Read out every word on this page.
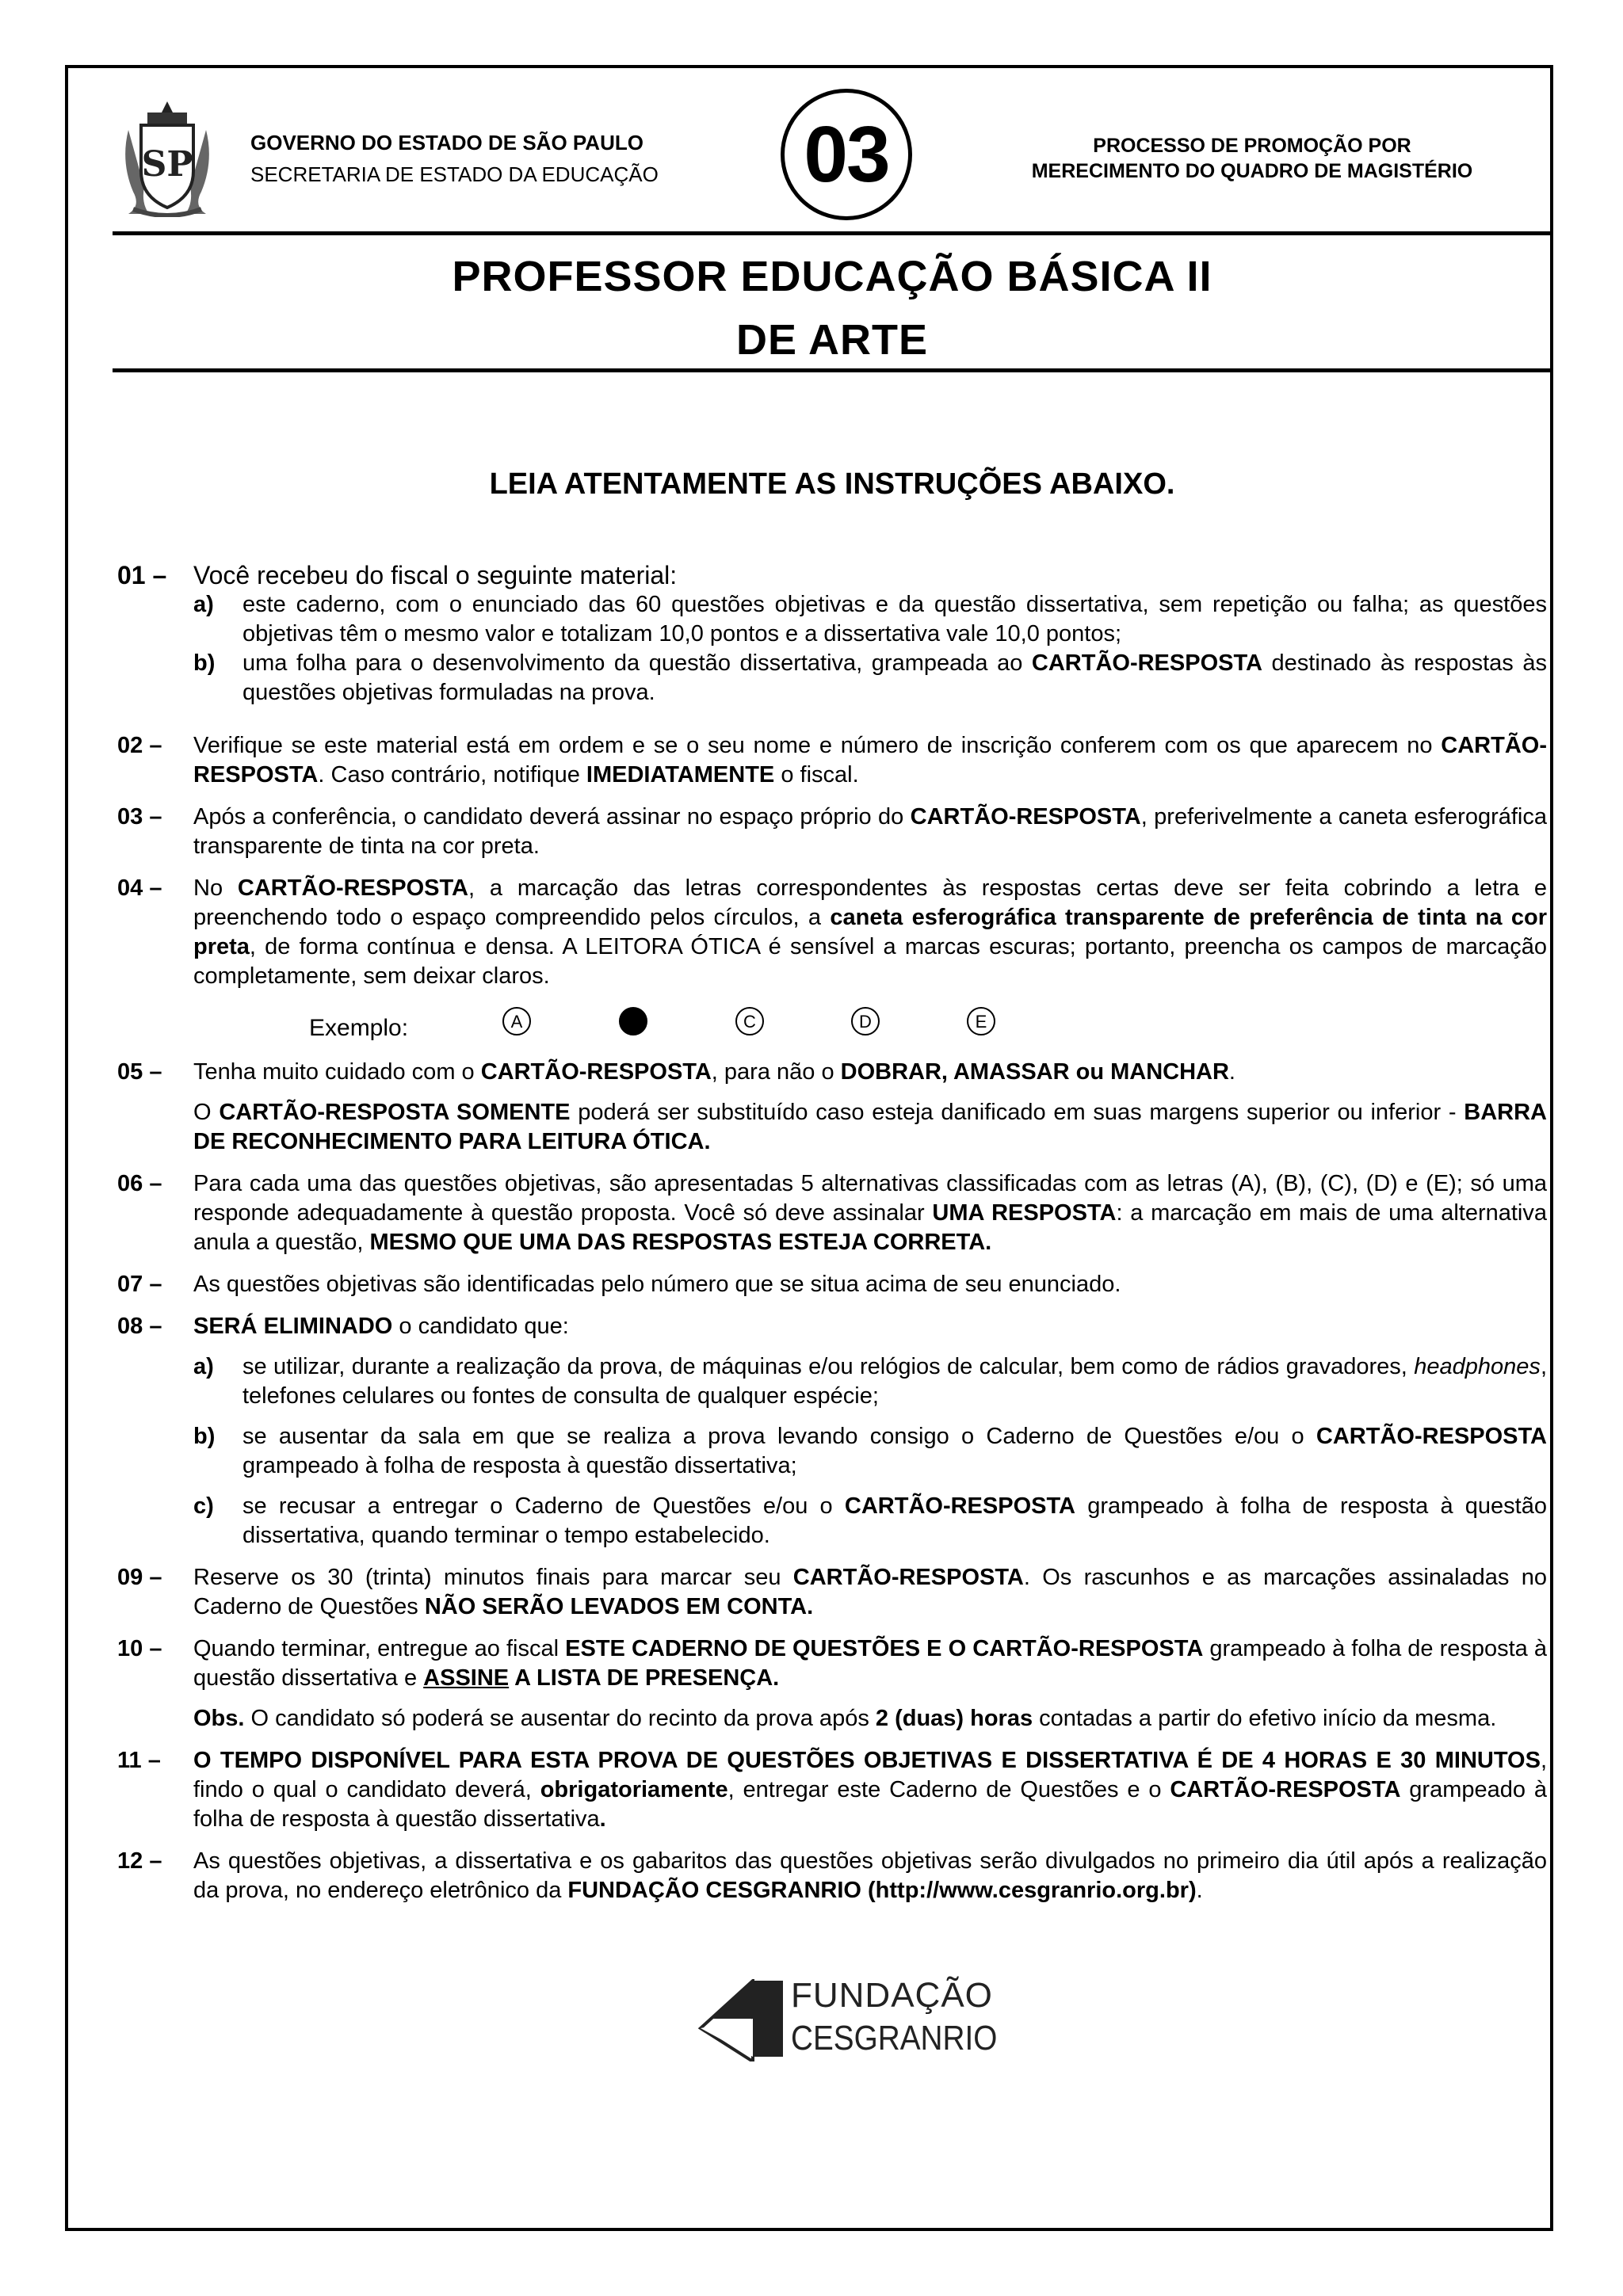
SP
GOVERNO DO ESTADO DE SÃO PAULO
SECRETARIA DE ESTADO DA EDUCAÇÃO 03	PROCESSO DE PROMOÇÃO POR
MERECIMENTO DO QUADRO DE MAGISTÉRIO
PROFESSOR EDUCAÇÃO BÁSICA II
DE ARTE
LEIA ATENTAMENTE AS INSTRUÇÕES ABAIXO.
01 – Você recebeu do fiscal o seguinte material:

a) este caderno, com o enunciado das 60 questões objetivas e da questão dissertativa, sem repetição ou falha; as questões objetivas têm o mesmo valor e totalizam 10,0 pontos e a dissertativa vale 10,0 pontos;
b) uma folha para o desenvolvimento da questão dissertativa, grampeada ao CARTÃO-RESPOSTA destinado às respostas às questões objetivas formuladas na prova.
02 – Verifique se este material está em ordem e se o seu nome e número de inscrição conferem com os que aparecem no CARTÃO-RESPOSTA. Caso contrário, notifique IMEDIATAMENTE o fiscal.

03 – Após a conferência, o candidato deverá assinar no espaço próprio do CARTÃO-RESPOSTA, preferivelmente a caneta esferográfica transparente de tinta na cor preta.

04 – No CARTÃO-RESPOSTA, a marcação das letras correspondentes às respostas certas deve ser feita cobrindo a letra e preenchendo todo o espaço compreendido pelos círculos, a caneta esferográfica transparente de preferência de tinta na cor preta, de forma contínua e densa. A LEITORA ÓTICA é sensível a marcas escuras; portanto, preencha os campos de marcação completamente, sem deixar claros.

Exemplo:	A	C	D	E
05 – Tenha muito cuidado com o CARTÃO-RESPOSTA, para não o DOBRAR, AMASSAR ou MANCHAR.

O CARTÃO-RESPOSTA SOMENTE poderá ser substituído caso esteja danificado em suas margens superior ou inferior - BARRA DE RECONHECIMENTO PARA LEITURA ÓTICA.

06 – Para cada uma das questões objetivas, são apresentadas 5 alternativas classificadas com as letras (A), (B), (C), (D) e (E); só uma responde adequadamente à questão proposta. Você só deve assinalar UMA RESPOSTA: a marcação em mais de uma alternativa anula a questão, MESMO QUE UMA DAS RESPOSTAS ESTEJA CORRETA.

07 – As questões objetivas são identificadas pelo número que se situa acima de seu enunciado.

08 – SERÁ ELIMINADO o candidato que:

a) se utilizar, durante a realização da prova, de máquinas e/ou relógios de calcular, bem como de rádios gravadores, headphones, telefones celulares ou fontes de consulta de qualquer espécie;
b) se ausentar da sala em que se realiza a prova levando consigo o Caderno de Questões e/ou o CARTÃO-RESPOSTA grampeado à folha de resposta à questão dissertativa;
c) se recusar a entregar o Caderno de Questões e/ou o CARTÃO-RESPOSTA grampeado à folha de resposta à questão dissertativa, quando terminar o tempo estabelecido.
09 – Reserve os 30 (trinta) minutos finais para marcar seu CARTÃO-RESPOSTA. Os rascunhos e as marcações assinaladas no Caderno de Questões NÃO SERÃO LEVADOS EM CONTA.

10 – Quando terminar, entregue ao fiscal ESTE CADERNO DE QUESTÕES E O CARTÃO-RESPOSTA grampeado à folha de resposta à questão dissertativa e ASSINE A LISTA DE PRESENÇA.

Obs. O candidato só poderá se ausentar do recinto da prova após 2 (duas) horas contadas a partir do efetivo início da mesma.

11 – O TEMPO DISPONÍVEL PARA ESTA PROVA DE QUESTÕES OBJETIVAS E DISSERTATIVA É DE 4 HORAS E 30 MINUTOS, findo o qual o candidato deverá, obrigatoriamente, entregar este Caderno de Questões e o CARTÃO-RESPOSTA grampeado à folha de resposta à questão dissertativa.

12 – As questões objetivas, a dissertativa e os gabaritos das questões objetivas serão divulgados no primeiro dia útil após a realização da prova, no endereço eletrônico da FUNDAÇÃO CESGRANRIO (http://www.cesgranrio.org.br).

FUNDAÇÃO
CESGRANRIO
